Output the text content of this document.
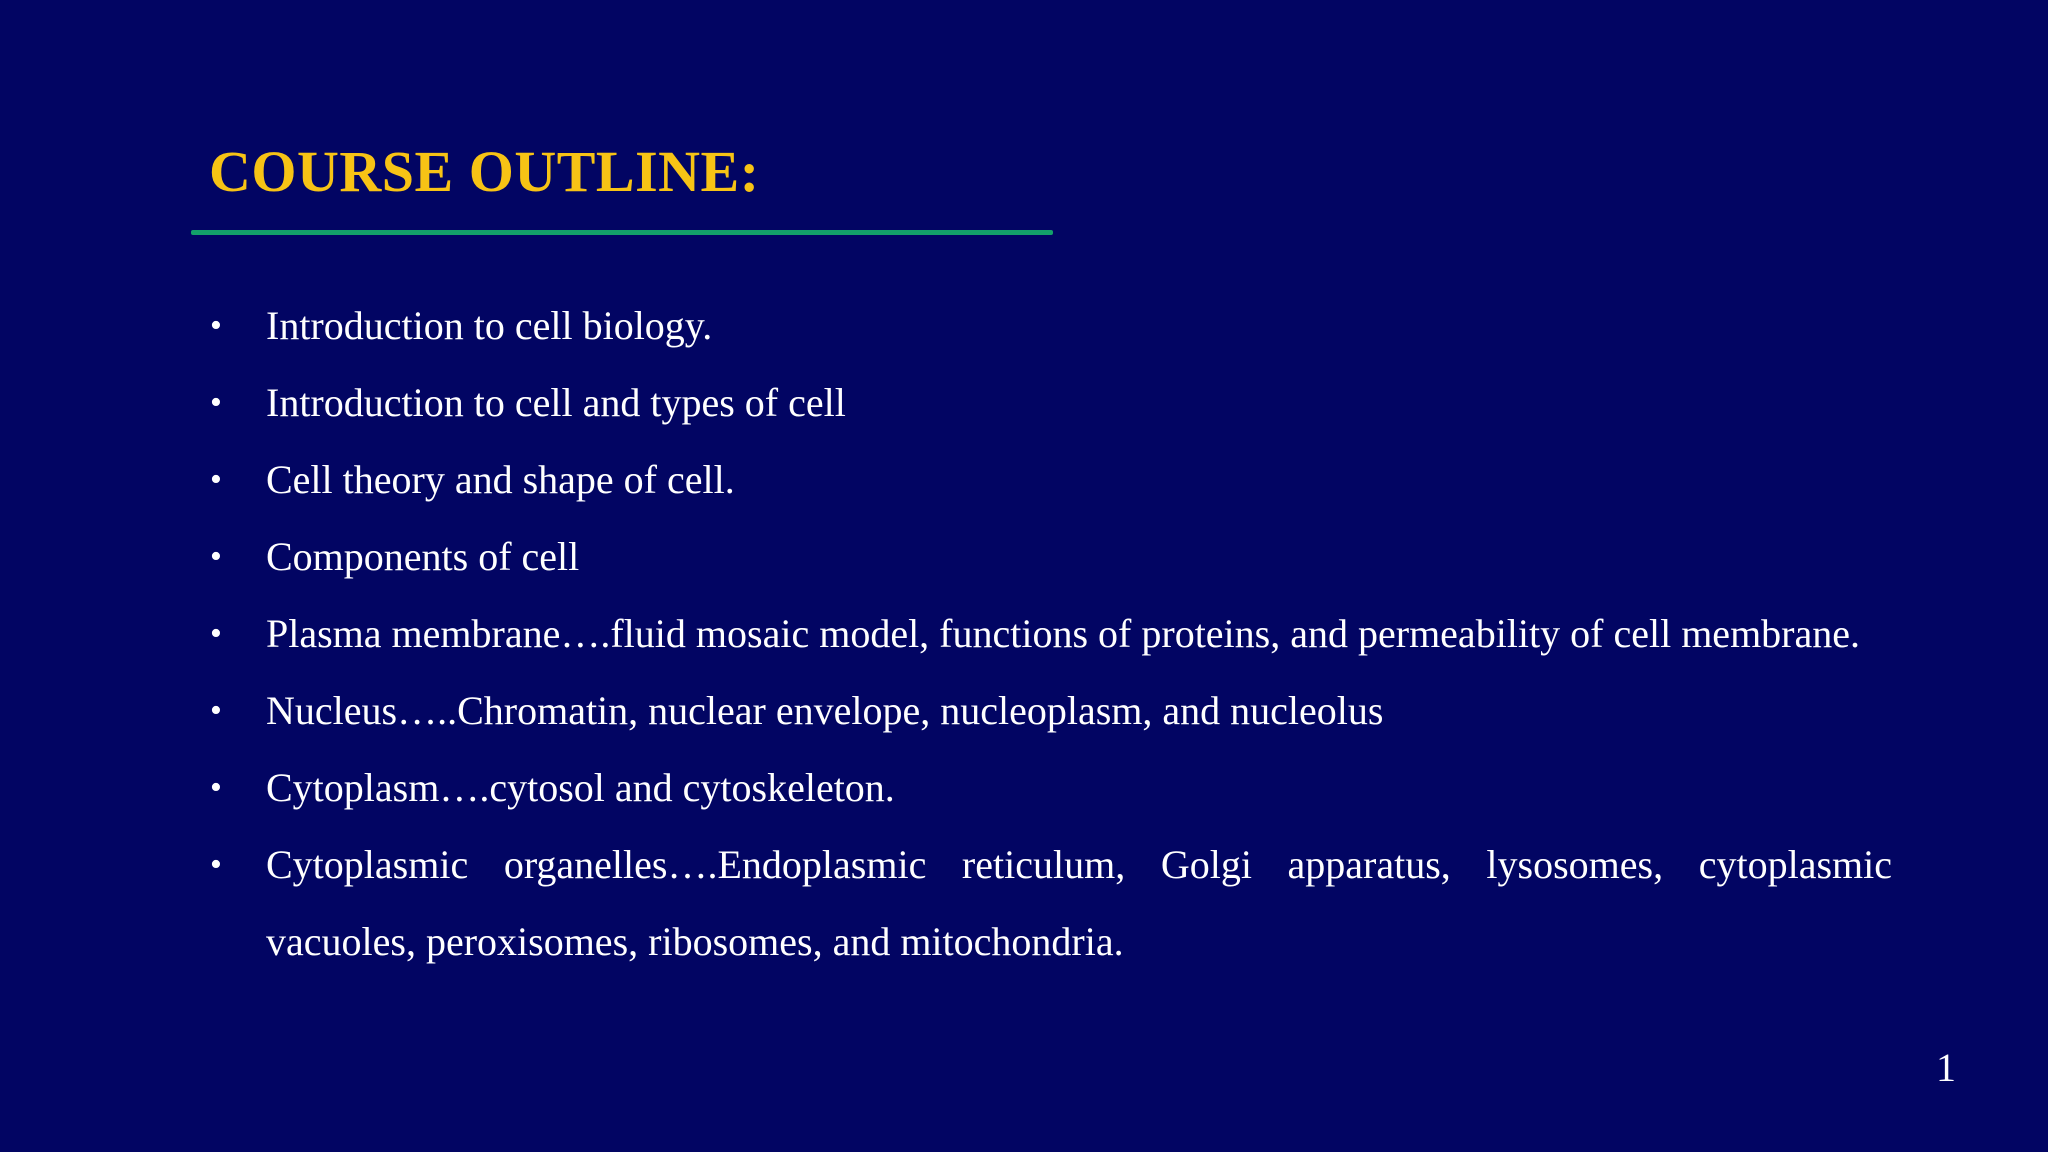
COURSE OUTLINE:
• Introduction to cell biology.
• Introduction to cell and types of cell
• Cell theory and shape of cell.
• Components of cell
• Plasma membrane….fluid mosaic model, functions of proteins, and permeability of cell membrane.
• Nucleus…..Chromatin, nuclear envelope, nucleoplasm, and nucleolus
• Cytoplasm….cytosol and cytoskeleton.
• Cytoplasmic organelles….Endoplasmic reticulum, Golgi apparatus, lysosomes, cytoplasmic vacuoles, peroxisomes, ribosomes, and mitochondria.
1
